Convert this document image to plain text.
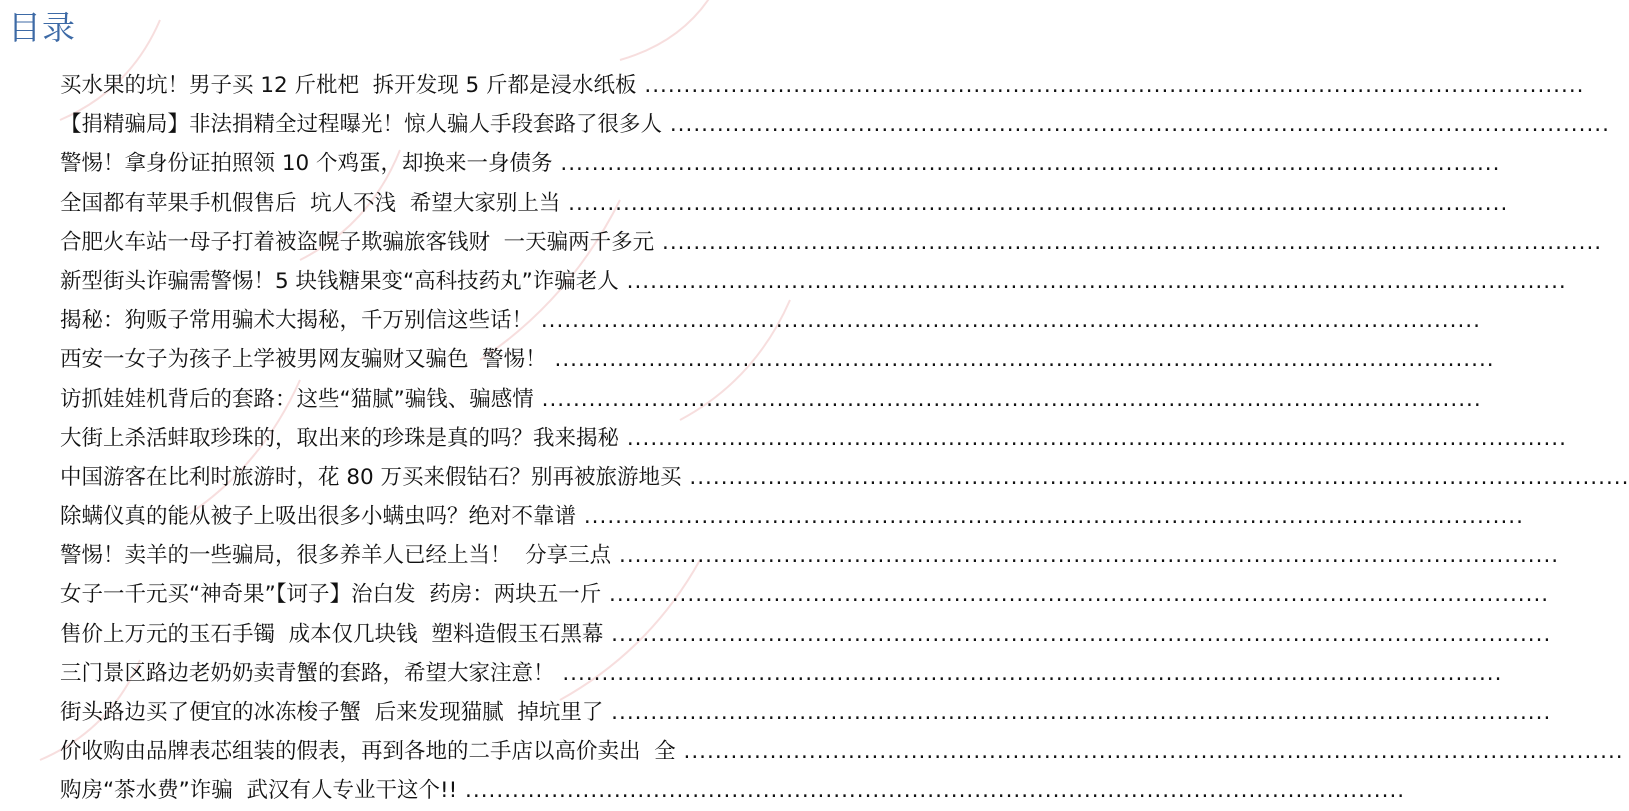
目录
买水果的坑！男子买 12 斤枇杷  拆开发现 5 斤都是浸水纸板 ........................................................................................................................
【捐精骗局】非法捐精全过程曝光！惊人骗人手段套路了很多人 ........................................................................................................................
警惕！拿身份证拍照领 10 个鸡蛋，却换来一身债务 ........................................................................................................................
全国都有苹果手机假售后  坑人不浅  希望大家别上当 ........................................................................................................................
合肥火车站一母子打着被盗幌子欺骗旅客钱财  一天骗两千多元 ........................................................................................................................
新型街头诈骗需警惕！5 块钱糖果变“高科技药丸”诈骗老人 ........................................................................................................................
揭秘：狗贩子常用骗术大揭秘，千万别信这些话！ ........................................................................................................................
西安一女子为孩子上学被男网友骗财又骗色  警惕！ ........................................................................................................................
访抓娃娃机背后的套路：这些“猫腻”骗钱、骗感情 ........................................................................................................................
大街上杀活蚌取珍珠的，取出来的珍珠是真的吗？我来揭秘 ........................................................................................................................
中国游客在比利时旅游时，花 80 万买来假钻石？别再被旅游地买 ........................................................................................................................
除螨仪真的能从被子上吸出很多小螨虫吗？绝对不靠谱 ........................................................................................................................
警惕！卖羊的一些骗局，很多养羊人已经上当！  分享三点 ........................................................................................................................
女子一千元买“神奇果”【诃子】治白发  药房：两块五一斤 ........................................................................................................................
售价上万元的玉石手镯  成本仅几块钱  塑料造假玉石黑幕 ........................................................................................................................
三门景区路边老奶奶卖青蟹的套路，希望大家注意！ ........................................................................................................................
街头路边买了便宜的冰冻梭子蟹  后来发现猫腻  掉坑里了 ........................................................................................................................
价收购由品牌表芯组装的假表，再到各地的二手店以高价卖出  全 ........................................................................................................................
购房“茶水费”诈骗  武汉有人专业干这个!! ........................................................................................................................
